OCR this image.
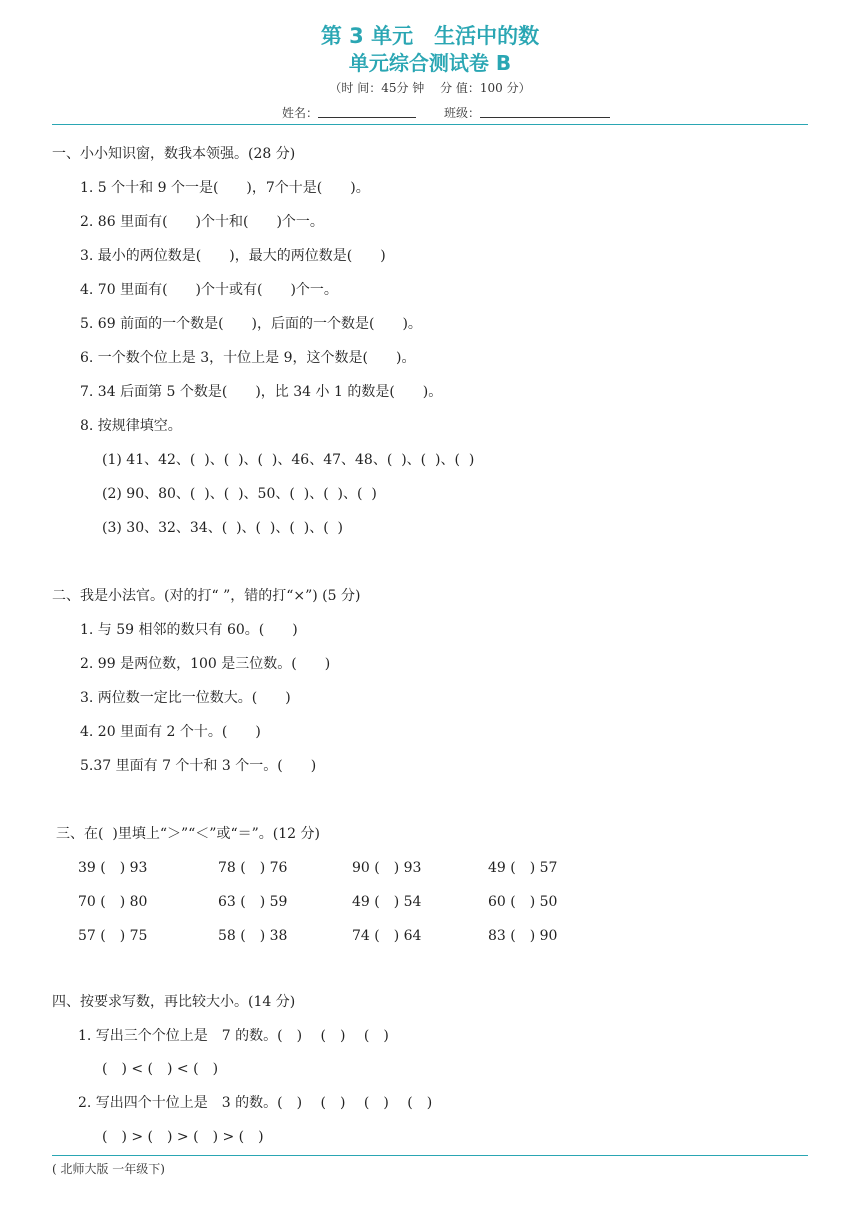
第 3 单元　生活中的数
单元综合测试卷 B
（时 间：45分 钟　 分 值：100 分）
姓名：	班级：
一、小小知识窗，数我本领强。(28 分)
1. 5 个十和 9 个一是(　　)，7个十是(　　)。
2. 86 里面有(　　)个十和(　　)个一。
3. 最小的两位数是(　　)，最大的两位数是(　　)
4. 70 里面有(　　)个十或有(　　)个一。
5. 69 前面的一个数是(　　)，后面的一个数是(　　)。
6. 一个数个位上是 3，十位上是 9，这个数是(　　)。
7. 34 后面第 5 个数是(　　)，比 34 小 1 的数是(　　)。
8. 按规律填空。
(1) 41、42、(  )、(  )、(  )、46、47、48、(  )、(  )、(  )
(2) 90、80、(  )、(  )、50、(  )、(  )、(  )
(3) 30、32、34、(  )、(  )、(  )、(  )
二、我是小法官。(对的打“ ”，错的打“×”) (5 分)
1. 与 59 相邻的数只有 60。(　　)
2. 99 是两位数，100 是三位数。(　　)
3. 两位数一定比一位数大。(　　)
4. 20 里面有 2 个十。(　　)
5.37 里面有 7 个十和 3 个一。(　　)
三、在(  )里填上“＞”“＜”或“＝”。(12 分)
39 (　) 93	78 (　) 76	90 (　) 93	49 (　) 57
70 (　) 80	63 (　) 59	49 (　) 54	60 (　) 50
57 (　) 75	58 (　) 38	74 (　) 64	83 (　) 90
四、按要求写数，再比较大小。(14 分)
1. 写出三个个位上是　7 的数。(　)　 (　)　 (　)
(　) < (　) < (　)
2. 写出四个十位上是　3 的数。(　)　 (　)　 (　)　 (　)
(　) > (　) > (　) > (　)
( 北师大版 一年级下)
